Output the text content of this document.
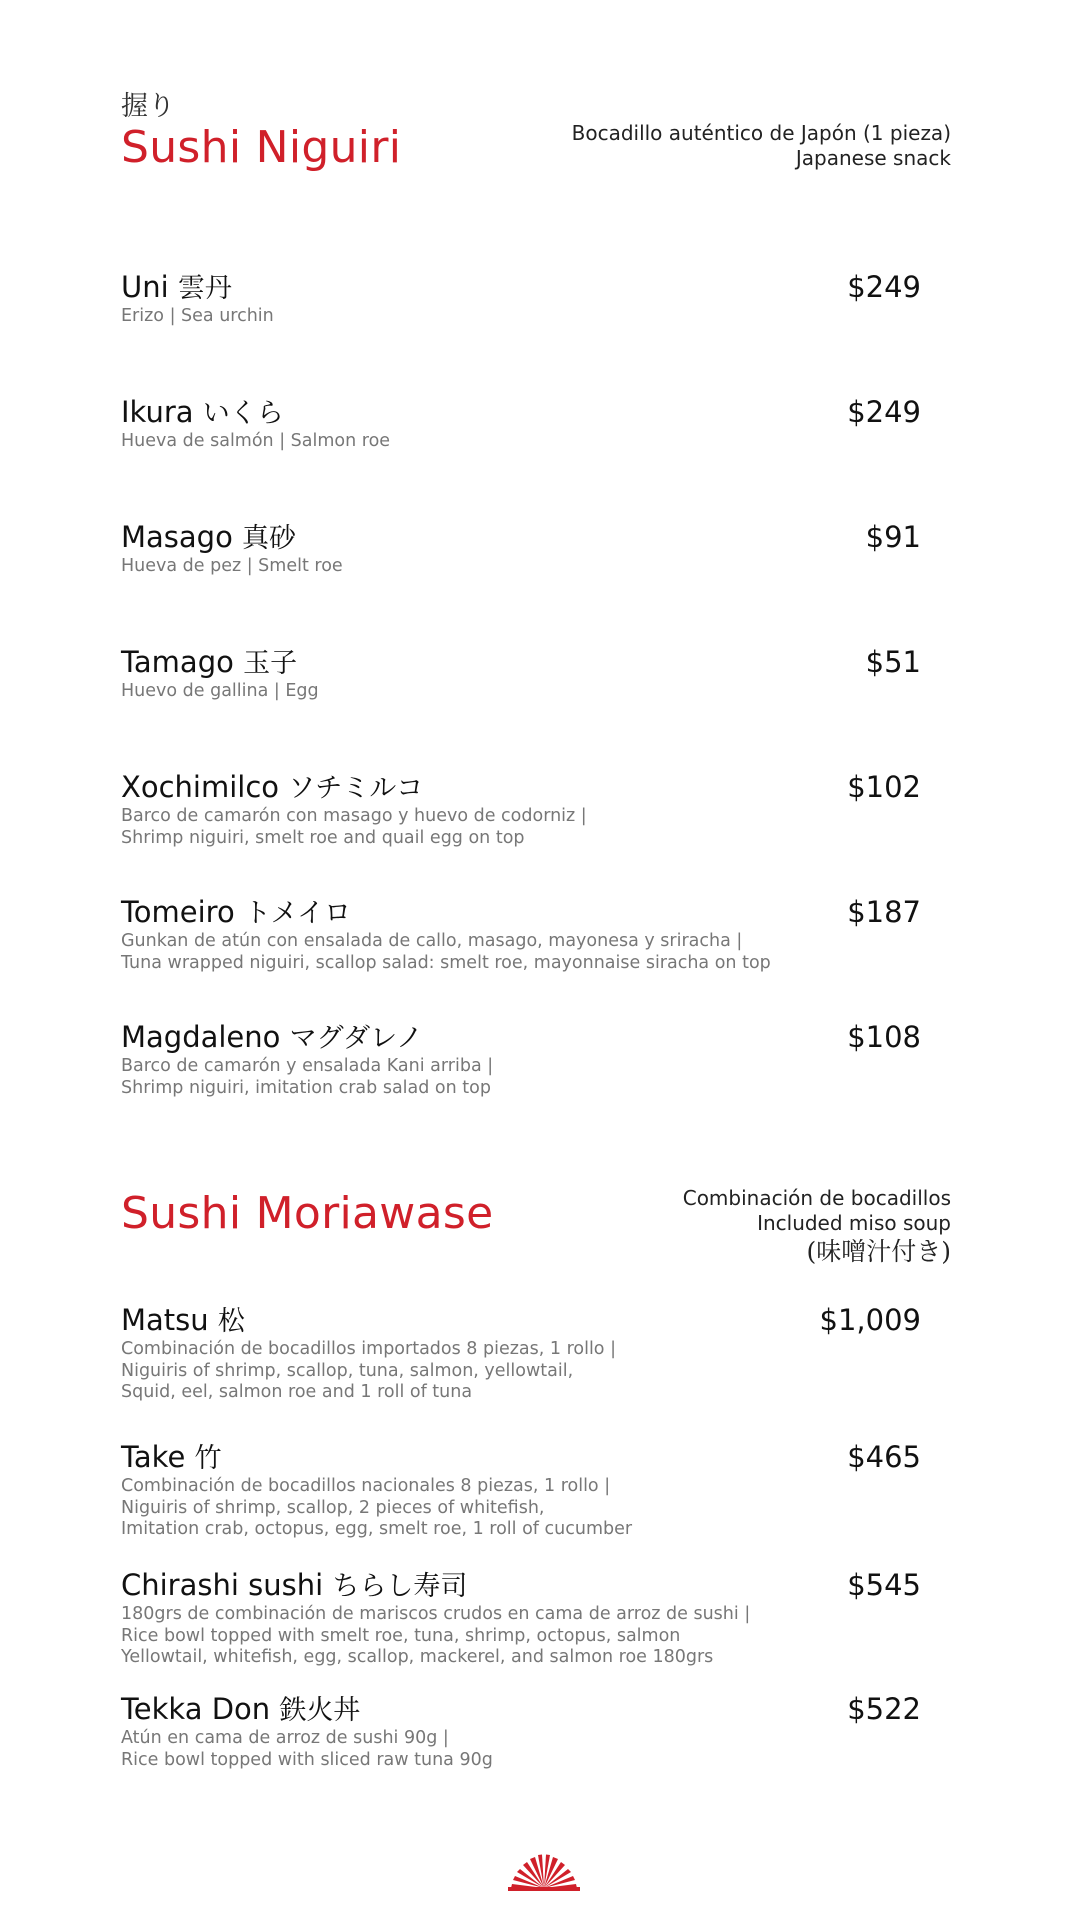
握り
Sushi Niguiri	Bocadillo auténtico de Japón (1 pieza)
Japanese snack
Uni 雲丹	$249
Erizo | Sea urchin
Ikura いくら	$249
Hueva de salmón | Salmon roe
Masago 真砂	$91
Hueva de pez | Smelt roe
Tamago 玉子	$51
Huevo de gallina | Egg
Xochimilco ソチミルコ	$102
Barco de camarón con masago y huevo de codorniz |
Shrimp niguiri, smelt roe and quail egg on top
Tomeiro トメイロ	$187
Gunkan de atún con ensalada de callo, masago, mayonesa y sriracha |
Tuna wrapped niguiri, scallop salad: smelt roe, mayonnaise siracha on top
Magdaleno マグダレノ	$108
Barco de camarón y ensalada Kani arriba |
Shrimp niguiri, imitation crab salad on top
Sushi Moriawase	Combinación de bocadillos
Included miso soup
(味噌汁付き)
Matsu 松	$1,009
Combinación de bocadillos importados 8 piezas, 1 rollo |
Niguiris of shrimp, scallop, tuna, salmon, yellowtail,
Squid, eel, salmon roe and 1 roll of tuna
Take 竹	$465
Combinación de bocadillos nacionales 8 piezas, 1 rollo |
Niguiris of shrimp, scallop, 2 pieces of whitefish,
Imitation crab, octopus, egg, smelt roe, 1 roll of cucumber
Chirashi sushi ちらし寿司	$545
180grs de combinación de mariscos crudos en cama de arroz de sushi |
Rice bowl topped with smelt roe, tuna, shrimp, octopus, salmon
Yellowtail, whitefish, egg, scallop, mackerel, and salmon roe 180grs
Tekka Don 鉄火丼	$522
Atún en cama de arroz de sushi 90g |
Rice bowl topped with sliced raw tuna 90g
